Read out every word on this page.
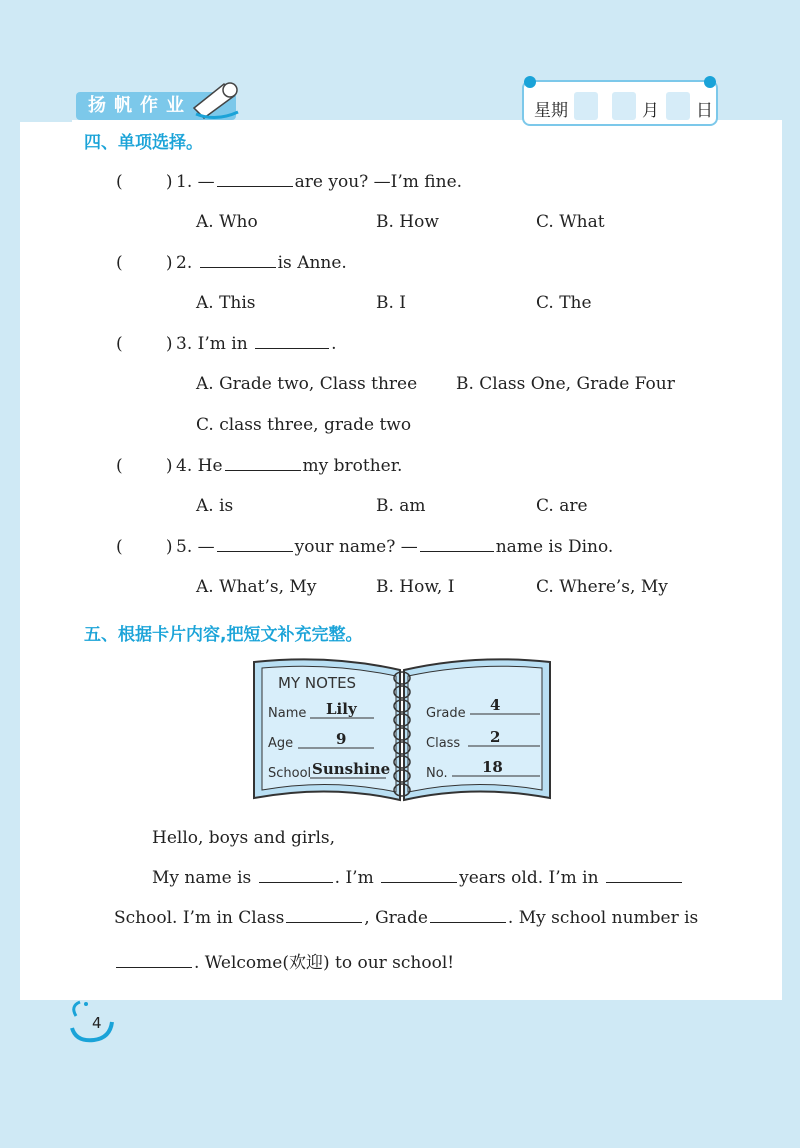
扬帆作业	星期	月 日
四、单项选择。
(        ) 1. —	are you? —I’m fine.
A. Who	B. How	C. What
(        ) 2.	is Anne.
A. This	B. I	C. The
(        ) 3. I’m in	.
A. Grade two, Class three B. Class One, Grade Four
C. class three, grade two
(        ) 4. He	my brother.
A. is	B. am	C. are
(        ) 5. —	your name? —	name is Dino.
A. What’s, My	B. How, I	C. Where’s, My
五、根据卡片内容,把短文补充完整。
MY NOTES
Name Lily
Age	9
School Sunshine
Grade 4
Class 2
No. 18
Hello, boys and girls,
My name is	. I’m	years old. I’m in
School. I’m in Class	, Grade	. My school number is
. Welcome(欢迎) to our school!
4
